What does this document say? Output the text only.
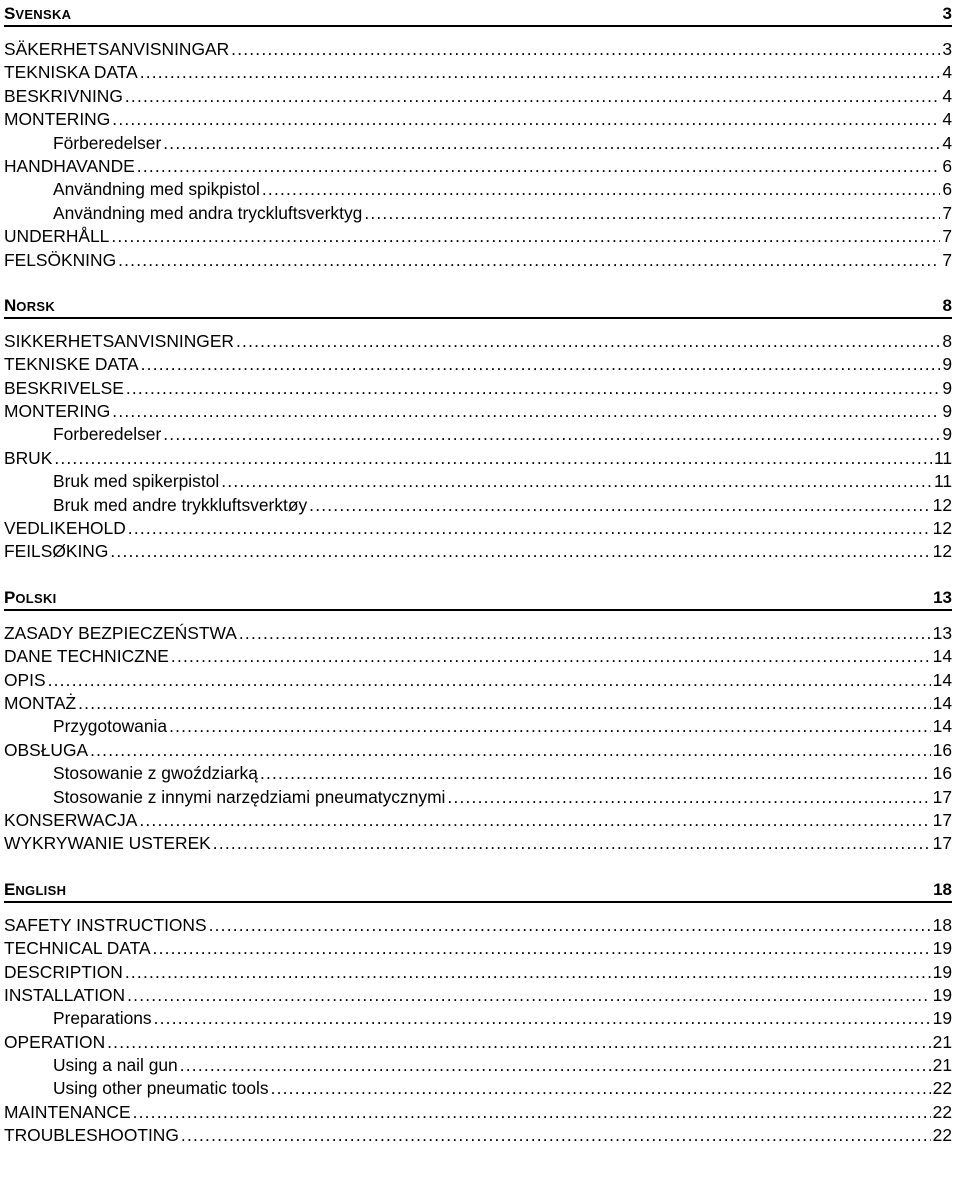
SVENSKA	3
SÄKERHETSANVISNINGAR .....	3
TEKNISKA DATA .....	4
BESKRIVNING .....	4
MONTERING .....	4
Förberedelser .....	4
HANDHAVANDE .....	6
Användning med spikpistol .....	6
Användning med andra tryckluftsverktyg .....	7
UNDERHÅLL .....	7
FELSÖKNING .....	7
NORSK	8
SIKKERHETSANVISNINGER .....	8
TEKNISKE DATA .....	9
BESKRIVELSE .....	9
MONTERING .....	9
Forberedelser .....	9
BRUK .....	11
Bruk med spikerpistol .....	11
Bruk med andre trykkluftsverktøy .....	12
VEDLIKEHOLD .....	12
FEILSØKING .....	12
POLSKI	13
ZASADY BEZPIECZEŃSTWA .....	13
DANE TECHNICZNE .....	14
OPIS .....	14
MONTAŻ .....	14
Przygotowania .....	14
OBSŁUGA .....	16
Stosowanie z gwoździarką .....	16
Stosowanie z innymi narzędziami pneumatycznymi .....	17
KONSERWACJA .....	17
WYKRYWANIE USTEREK .....	17
ENGLISH	18
SAFETY INSTRUCTIONS .....	18
TECHNICAL DATA .....	19
DESCRIPTION .....	19
INSTALLATION .....	19
Preparations .....	19
OPERATION .....	21
Using a nail gun .....	21
Using other pneumatic tools .....	22
MAINTENANCE .....	22
TROUBLESHOOTING .....	22
